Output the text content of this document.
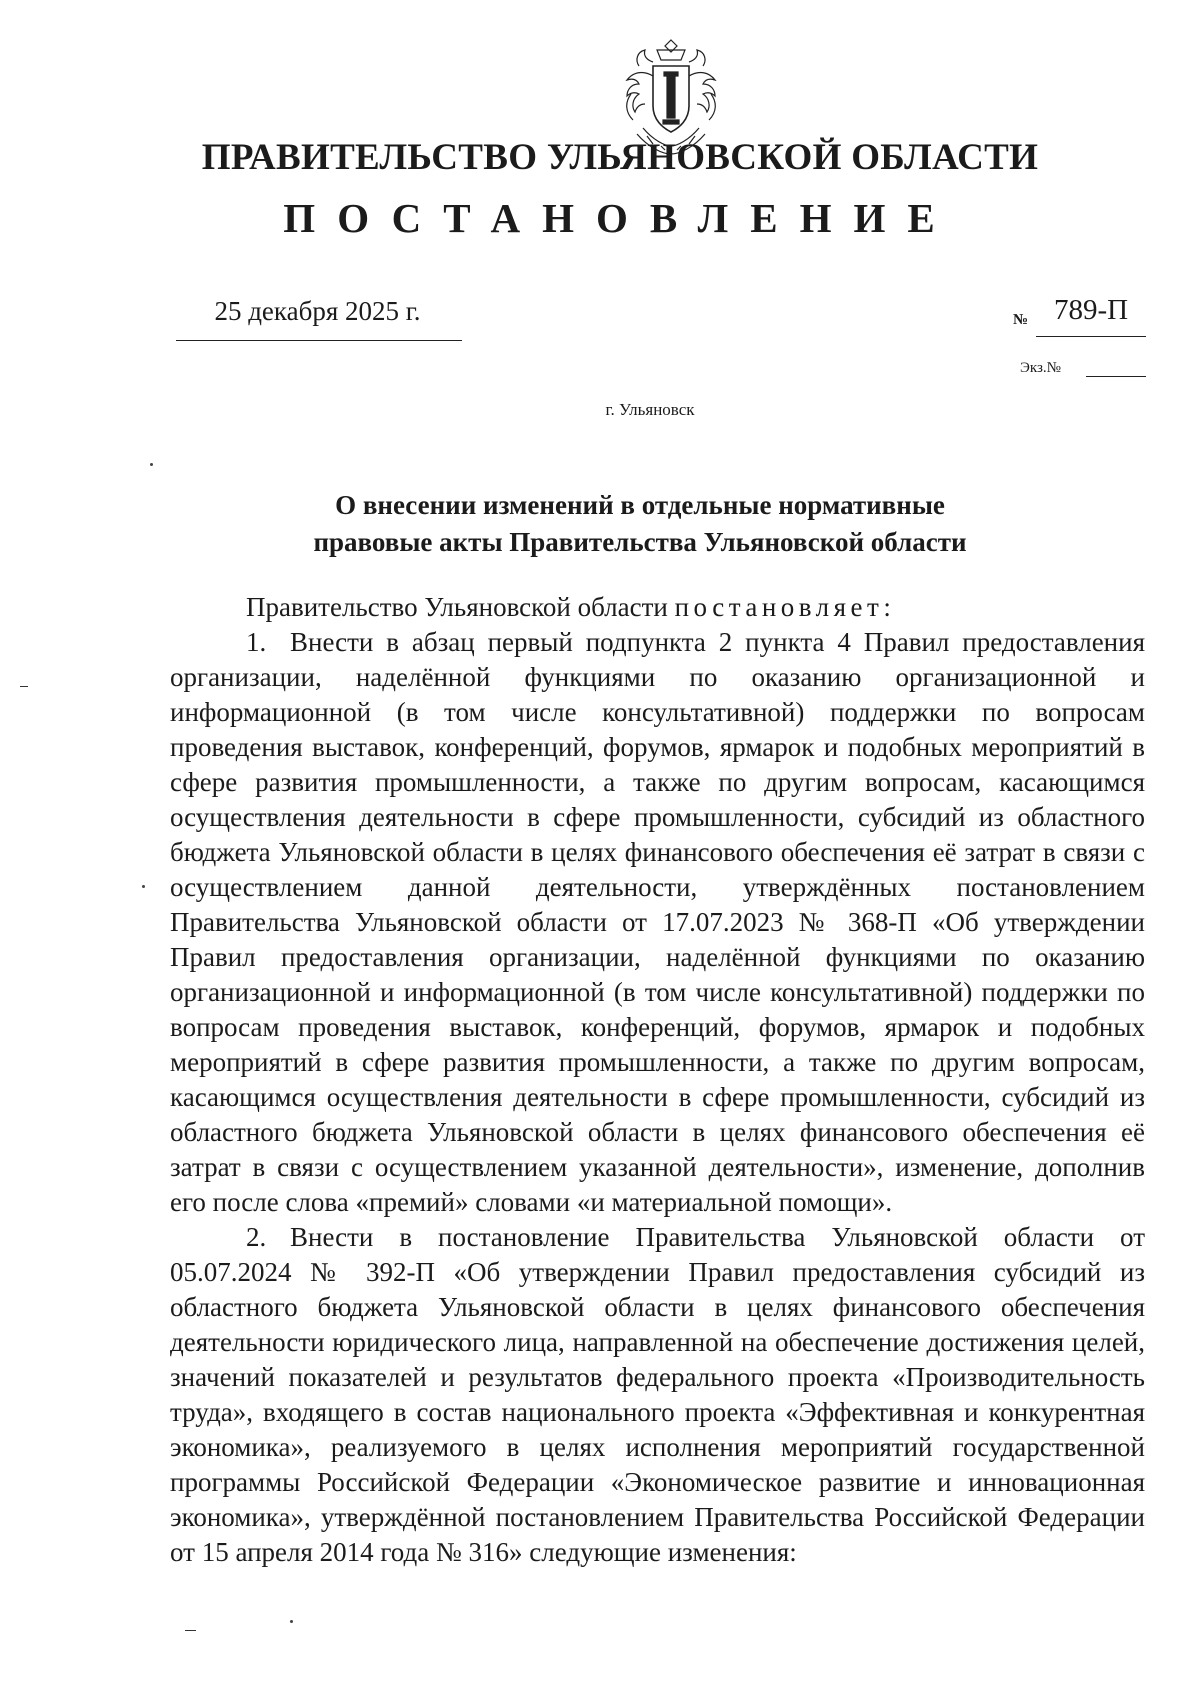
ПРАВИТЕЛЬСТВО УЛЬЯНОВСКОЙ ОБЛАСТИ
ПОСТАНОВЛЕНИЕ
25 декабря 2025 г.	№ 789-П
Экз.№
г. Ульяновск
О внесении изменений в отдельные нормативные
правовые акты Правительства Ульяновской области

Правительство Ульяновской области постановляет:

1. Внести в абзац первый подпункта 2 пункта 4 Правил предоставления организации, наделённой функциями по оказанию организационной и информационной (в том числе консультативной) поддержки по вопросам проведения выставок, конференций, форумов, ярмарок и подобных мероприятий в сфере развития промышленности, а также по другим вопросам, касающимся осуществления деятельности в сфере промышленности, субсидий из областного бюджета Ульяновской области в целях финансового обеспечения её затрат в связи с осуществлением данной деятельности, утверждённых постановлением Правительства Ульяновской области от 17.07.2023 № 368-П «Об утверждении Правил предоставления организации, наделённой функциями по оказанию организационной и информационной (в том числе консультативной) поддержки по вопросам проведения выставок, конференций, форумов, ярмарок и подобных мероприятий в сфере развития промышленности, а также по другим вопросам, касающимся осуществления деятельности в сфере промышленности, субсидий из областного бюджета Ульяновской области в целях финансового обеспечения её затрат в связи с осуществлением указанной деятельности», изменение, дополнив его после слова «премий» словами «и материальной помощи».

2. Внести в постановление Правительства Ульяновской области от 05.07.2024 № 392-П «Об утверждении Правил предоставления субсидий из областного бюджета Ульяновской области в целях финансового обеспечения деятельности юридического лица, направленной на обеспечение достижения целей, значений показателей и результатов федерального проекта «Производительность труда», входящего в состав национального проекта «Эффективная и конкурентная экономика», реализуемого в целях исполнения мероприятий государственной программы Российской Федерации «Экономическое развитие и инновационная экономика», утверждённой постановлением Правительства Российской Федерации от 15 апреля 2014 года № 316» следующие изменения:
